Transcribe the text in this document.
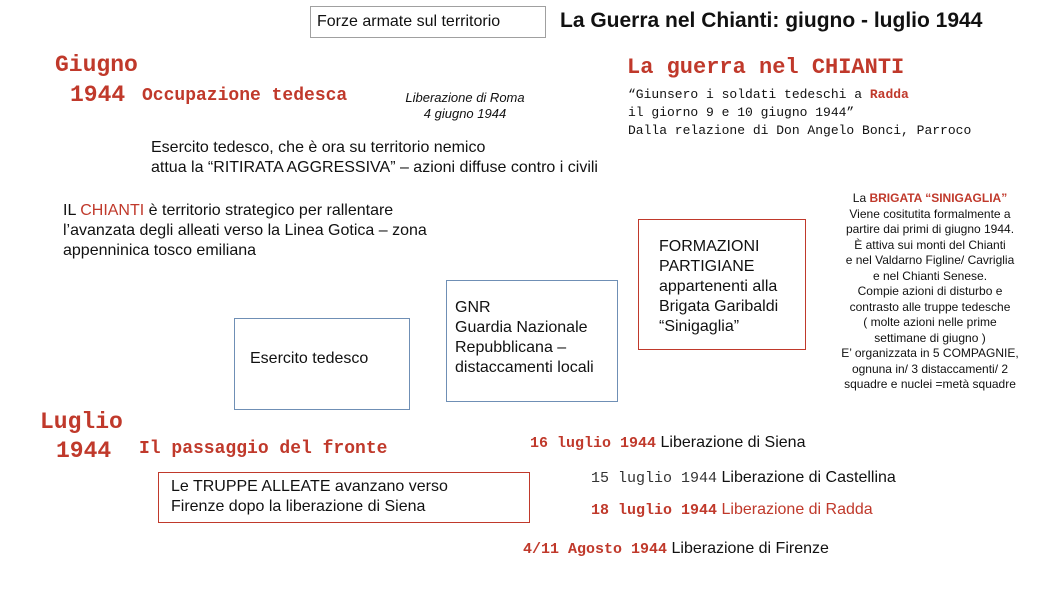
Forze armate sul territorio	La Guerra nel Chianti: giugno - luglio 1944
Giugno
1944 Occupazione tedesca	Liberazione di Roma
4 giugno 1944
Esercito tedesco, che è ora su territorio nemico
attua la “RITIRATA AGGRESSIVA” – azioni diffuse contro i civili
IL CHIANTI è territorio strategico per rallentare
l’avanzata degli alleati verso la Linea Gotica – zona
appenninica tosco emiliana
La guerra nel CHIANTI
“Giunsero i soldati tedeschi a Radda
il giorno 9 e 10 giugno 1944”
Dalla relazione di Don Angelo Bonci, Parroco
Esercito tedesco
GNR
Guardia Nazionale
Repubblicana –
distaccamenti locali
FORMAZIONI
PARTIGIANE
appartenenti alla
Brigata Garibaldi
“Sinigaglia”
La BRIGATA “SINIGAGLIA”
Viene cositutita formalmente a
partire dai primi di giugno 1944.
È attiva sui monti del Chianti
e nel Valdarno Figline/ Cavriglia
e nel Chianti Senese.
Compie azioni di disturbo e
contrasto alle truppe tedesche
( molte azioni nelle prime
settimane di giugno )
E’ organizzata in 5 COMPAGNIE,
ognuna in/ 3 distaccamenti/ 2
squadre e nuclei =metà squadre
Luglio
1944 Il passaggio del fronte
Le TRUPPE ALLEATE avanzano verso
Firenze dopo la liberazione di Siena
16 luglio 1944 Liberazione di Siena
15 luglio 1944 Liberazione di Castellina
18 luglio 1944 Liberazione di Radda
4/11 Agosto 1944 Liberazione di Firenze
